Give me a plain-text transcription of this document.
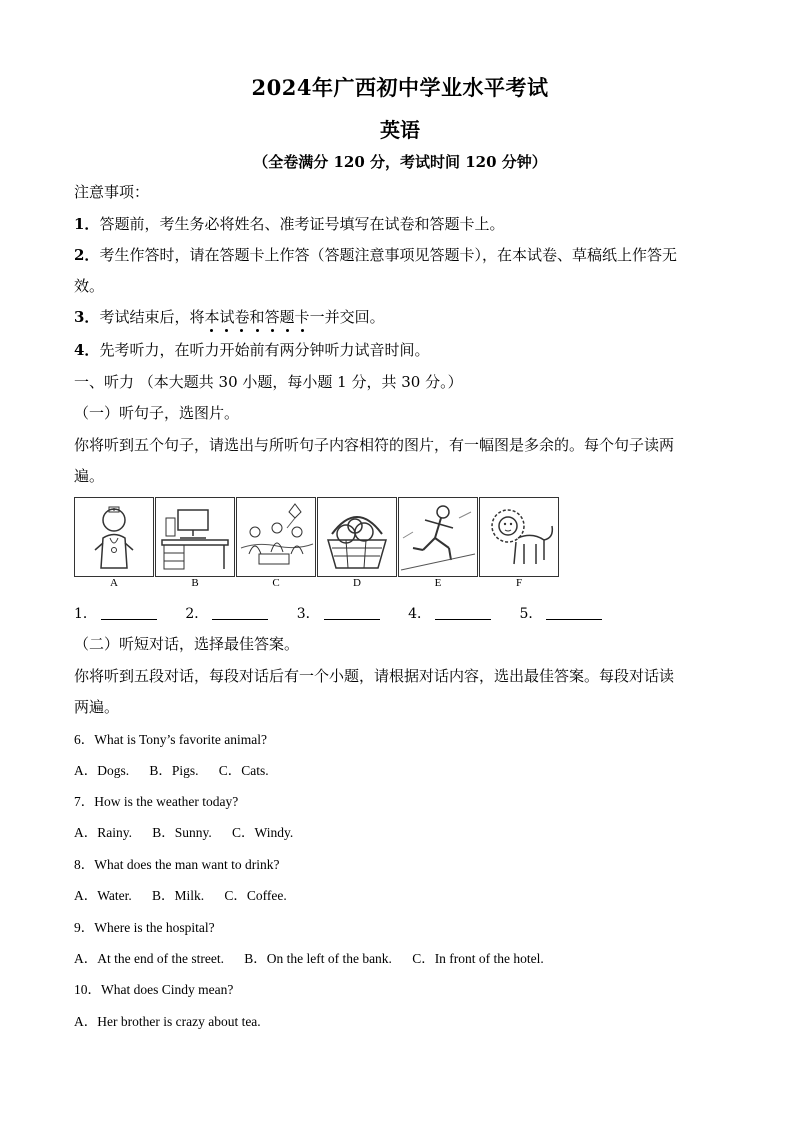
2024年广西初中学业水平考试
英语
（全卷满分 120 分，考试时间 120 分钟）
注意事项：
1．答题前，考生务必将姓名、准考证号填写在试卷和答题卡上。
2．考生作答时，请在答题卡上作答（答题注意事项见答题卡），在本试卷、草稿纸上作答无
效。
3．考试结束后，将本试卷和答题卡一并交回。
4．先考听力，在听力开始前有两分钟听力试音时间。
一、听力 （本大题共 30 小题，每小题 1 分，共 30 分。）
（一）听句子，选图片。
你将听到五个句子，请选出与所听句子内容相符的图片，有一幅图是多余的。每个句子读两
遍。
A	B	C	D	E	F
1．	2．	3．	4．	5．
（二）听短对话，选择最佳答案。
你将听到五段对话，每段对话后有一个小题，请根据对话内容，选出最佳答案。每段对话读
两遍。
6．What is Tony’s favorite animal?
A．Dogs. B．Pigs. C．Cats.
7．How is the weather today?
A．Rainy. B．Sunny. C．Windy.
8．What does the man want to drink?
A．Water. B．Milk. C．Coffee.
9．Where is the hospital?
A．At the end of the street. B．On the left of the bank. C．In front of the hotel.
10．What does Cindy mean?
A．Her brother is crazy about tea.
